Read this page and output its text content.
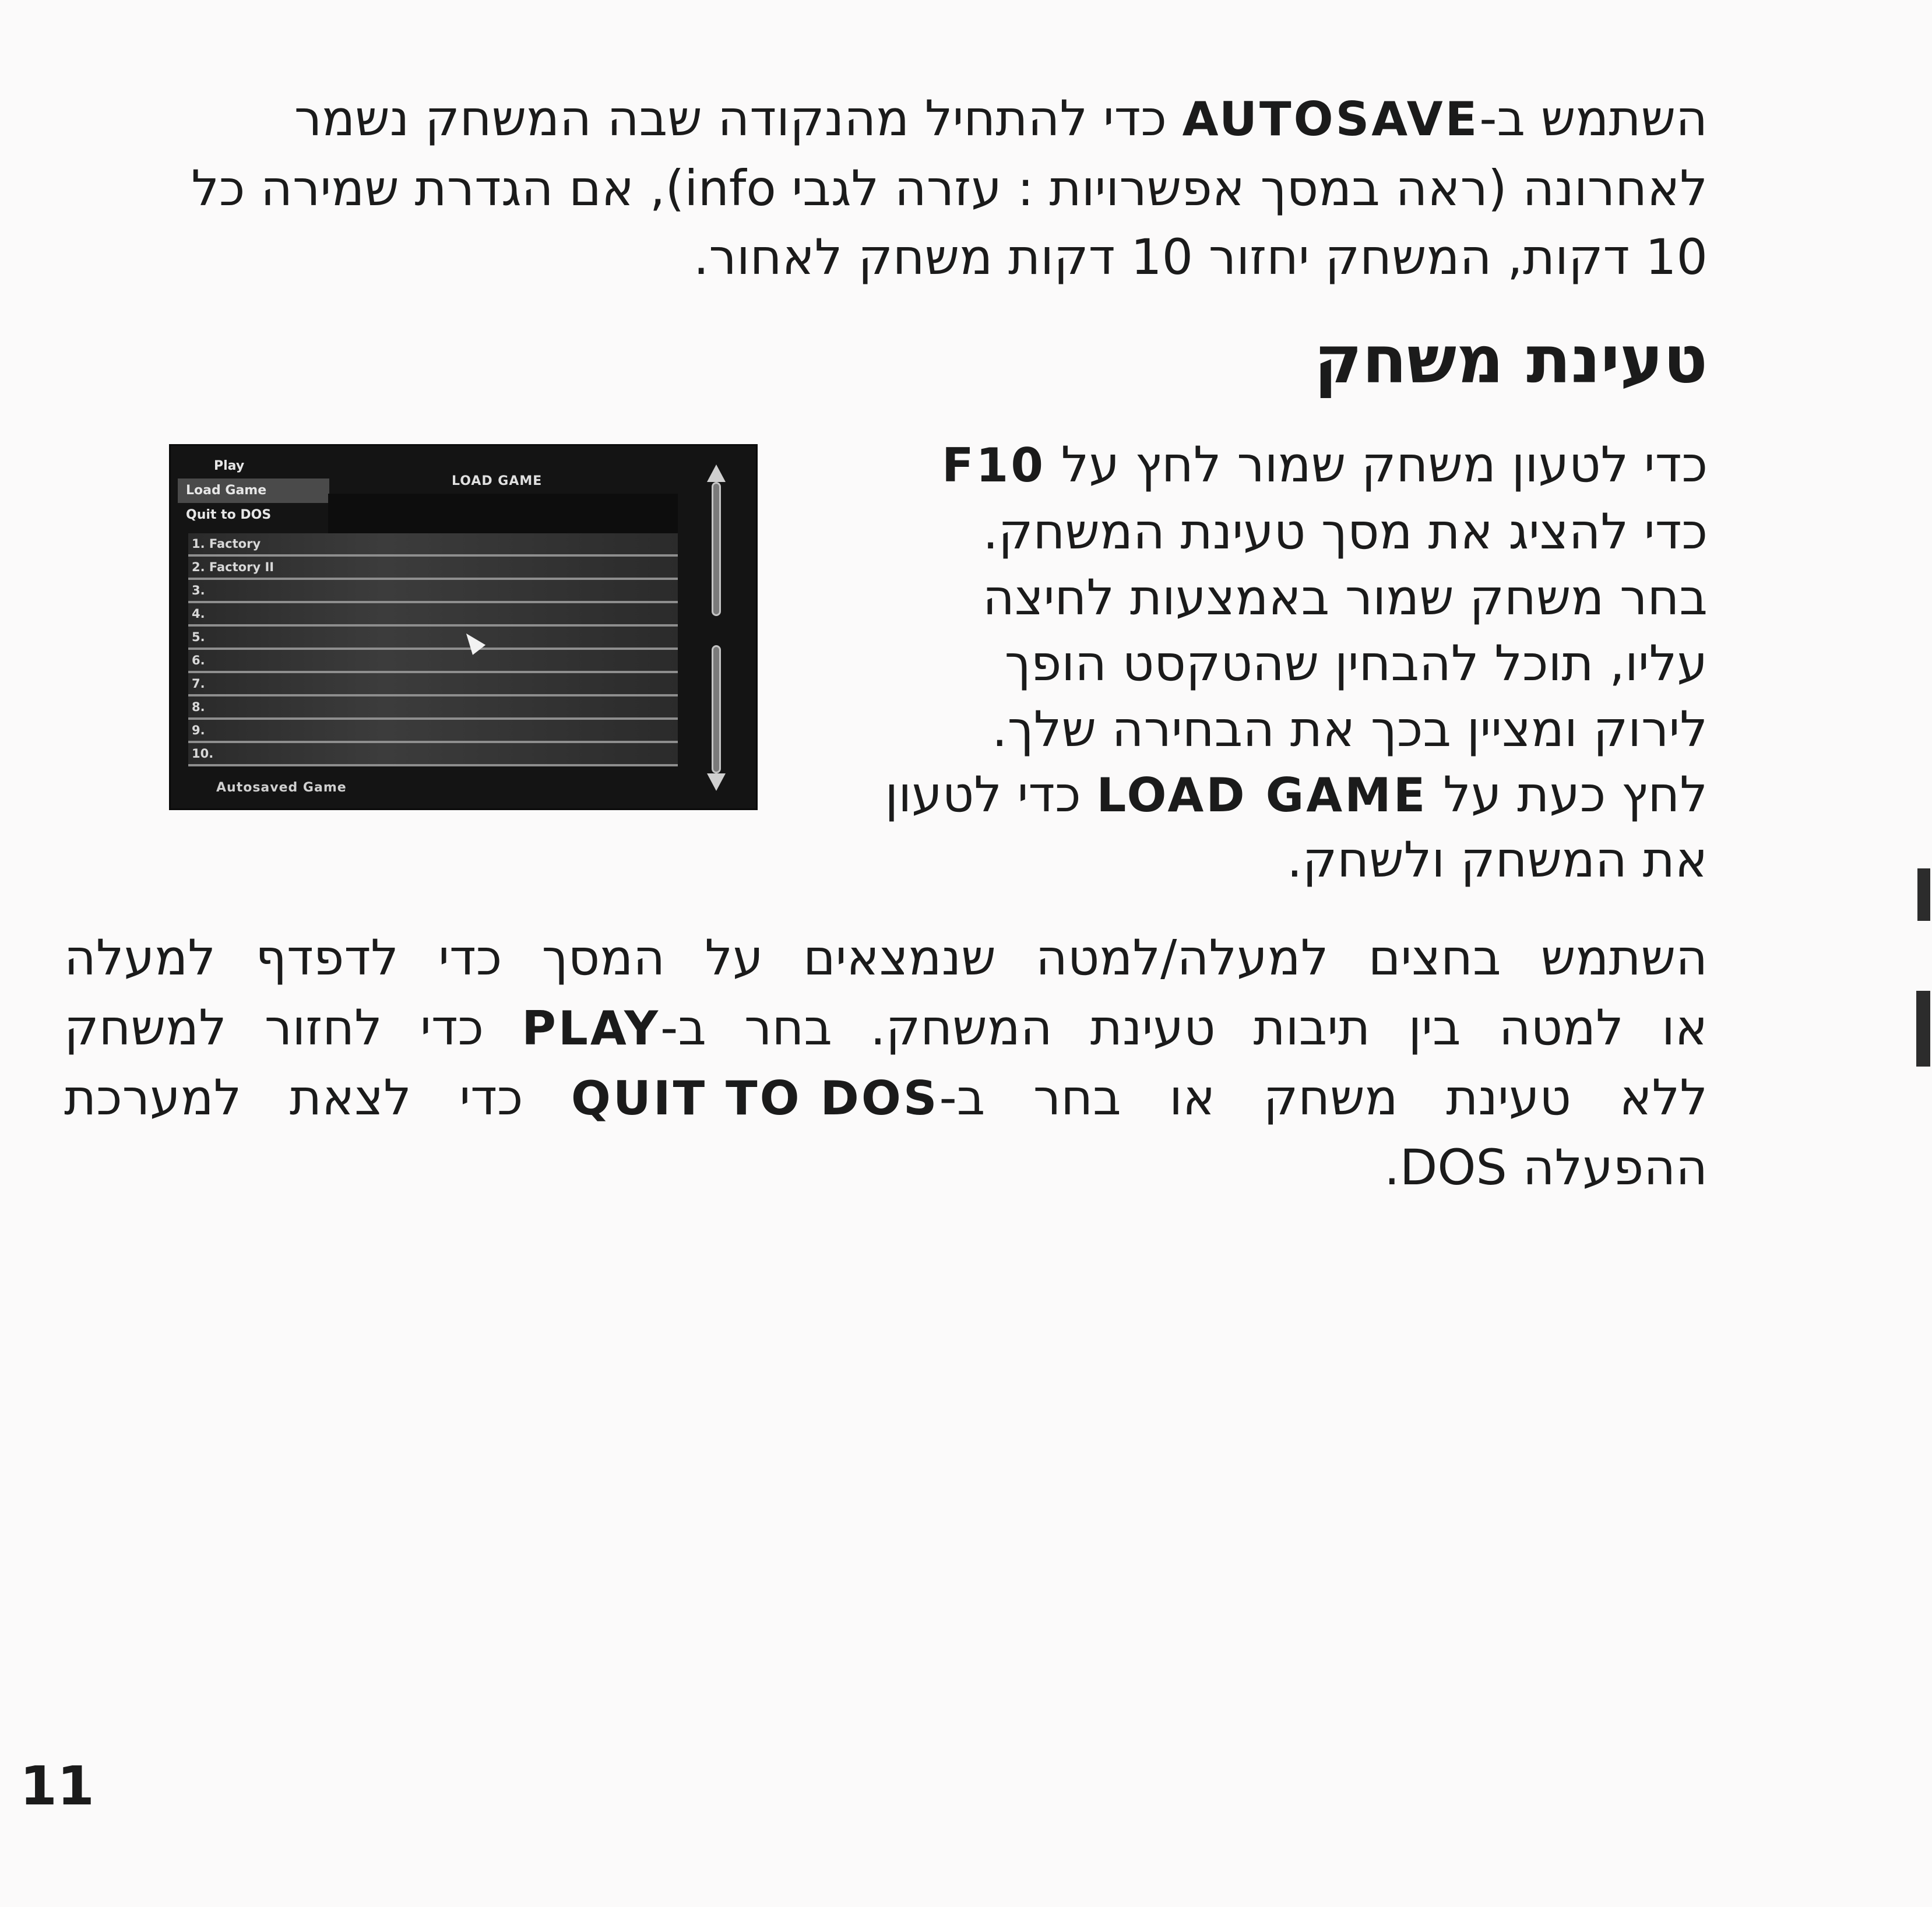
השתמש ב-AUTOSAVE כדי להתחיל מהנקודה שבה המשחק נשמר
לאחרונה (ראה במסך אפשרויות : עזרה לגבי info), אם הגדרת שמירה כל
10 דקות, המשחק יחזור 10 דקות משחק לאחור.
טעינת משחק
כדי לטעון משחק שמור לחץ על F10
כדי להציג את מסך טעינת המשחק.
בחר משחק שמור באמצעות לחיצה
עליו, תוכל להבחין שהטקסט הופך
לירוק ומציין בכך את הבחירה שלך.
לחץ כעת על LOAD GAME כדי לטעון
את המשחק ולשחק.
Play
Load Game
Quit to DOS
LOAD GAME
1. Factory
2. Factory II
3.
4.
5.
6.
7.
8.
9.
10.
Autosaved Game
השתמש בחצים למעלה/למטה שנמצאים על המסך כדי לדפדף למעלה
או למטה בין תיבות טעינת המשחק. בחר ב-PLAY כדי לחזור למשחק
ללא טעינת משחק או בחר ב-QUIT TO DOS כדי לצאת למערכת
ההפעלה DOS.
11
